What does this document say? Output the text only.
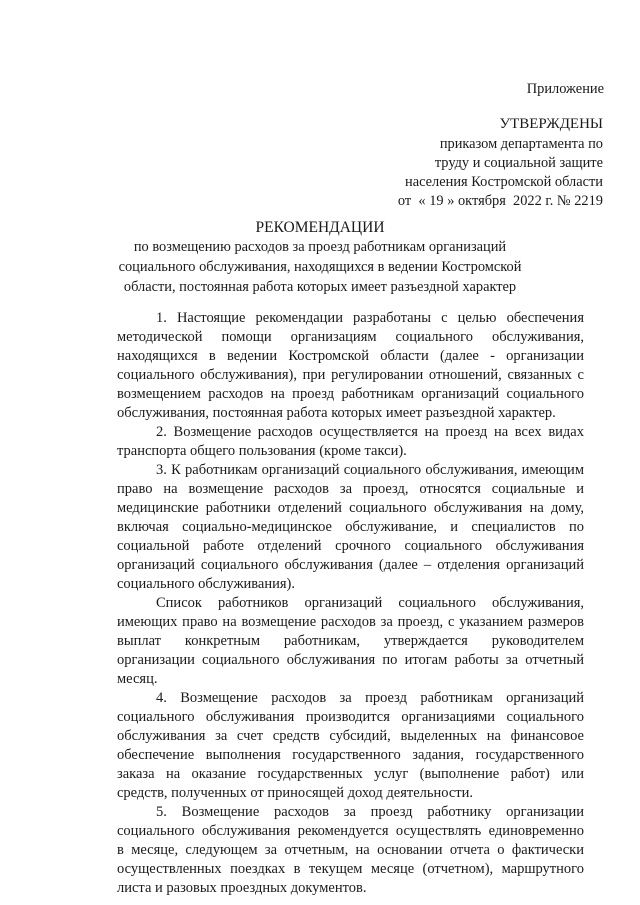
Приложение
УТВЕРЖДЕНЫ
приказом департамента по
труду и социальной защите
населения Костромской области
от  « 19 » октября  2022 г. № 2219
РЕКОМЕНДАЦИИ
по возмещению расходов за проезд работникам организаций
социального обслуживания, находящихся в ведении Костромской
области, постоянная работа которых имеет разъездной характер
1. Настоящие рекомендации разработаны с целью обеспечения
методической помощи организациям социального обслуживания,
находящихся в ведении Костромской области (далее - организации
социального обслуживания), при регулировании отношений, связанных с
возмещением расходов на проезд работникам организаций социального
обслуживания, постоянная работа которых имеет разъездной характер.
2. Возмещение расходов осуществляется на проезд на всех видах
транспорта общего пользования (кроме такси).
3. К работникам организаций социального обслуживания, имеющим
право на возмещение расходов за проезд, относятся социальные и
медицинские работники отделений социального обслуживания на дому,
включая социально-медицинское обслуживание, и специалистов по
социальной работе отделений срочного социального обслуживания
организаций социального обслуживания (далее – отделения организаций
социального обслуживания).
Список работников организаций социального обслуживания,
имеющих право на возмещение расходов за проезд, с указанием размеров
выплат конкретным работникам, утверждается руководителем
организации социального обслуживания по итогам работы за отчетный
месяц.
4. Возмещение расходов за проезд работникам организаций
социального обслуживания производится организациями социального
обслуживания за счет средств субсидий, выделенных на финансовое
обеспечение выполнения государственного задания, государственного
заказа на оказание государственных услуг (выполнение работ) или
средств, полученных от приносящей доход деятельности.
5. Возмещение расходов за проезд работнику организации
социального обслуживания рекомендуется осуществлять единовременно
в месяце, следующем за отчетным, на основании отчета о фактически
осуществленных поездках в текущем месяце (отчетном), маршрутного
листа и разовых проездных документов.
